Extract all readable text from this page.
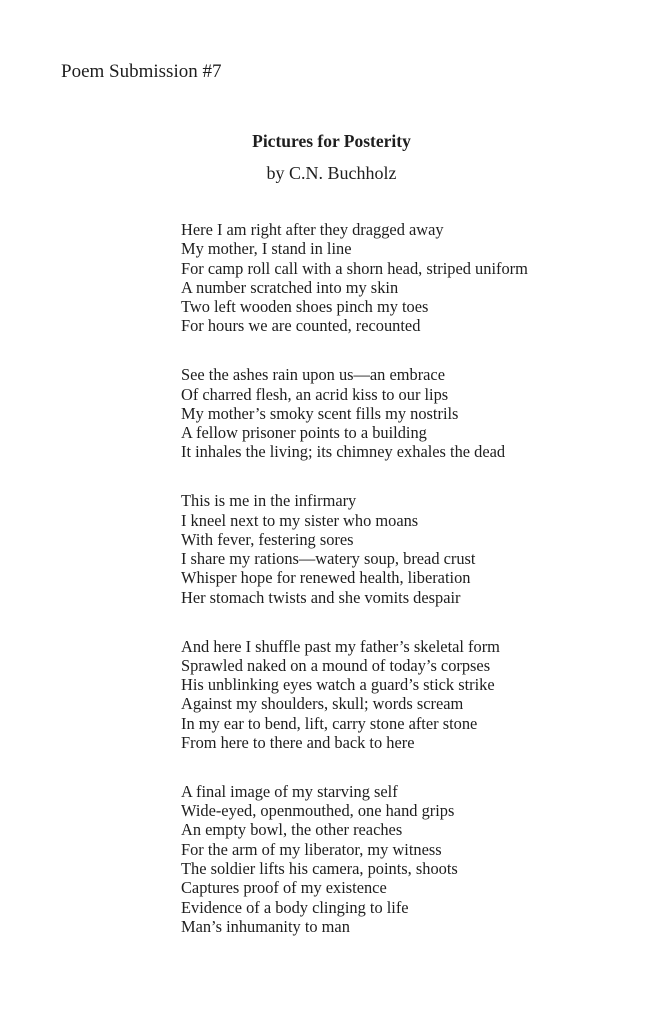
Poem Submission #7
Pictures for Posterity
by C.N. Buchholz
Here I am right after they dragged away
My mother, I stand in line
For camp roll call with a shorn head, striped uniform
A number scratched into my skin
Two left wooden shoes pinch my toes
For hours we are counted, recounted
See the ashes rain upon us—an embrace
Of charred flesh, an acrid kiss to our lips
My mother’s smoky scent fills my nostrils
A fellow prisoner points to a building
It inhales the living; its chimney exhales the dead
This is me in the infirmary
I kneel next to my sister who moans
With fever, festering sores
I share my rations—watery soup, bread crust
Whisper hope for renewed health, liberation
Her stomach twists and she vomits despair
And here I shuffle past my father’s skeletal form
Sprawled naked on a mound of today’s corpses
His unblinking eyes watch a guard’s stick strike
Against my shoulders, skull; words scream
In my ear to bend, lift, carry stone after stone
From here to there and back to here
A final image of my starving self
Wide-eyed, openmouthed, one hand grips
An empty bowl, the other reaches
For the arm of my liberator, my witness
The soldier lifts his camera, points, shoots
Captures proof of my existence
Evidence of a body clinging to life
Man’s inhumanity to man
